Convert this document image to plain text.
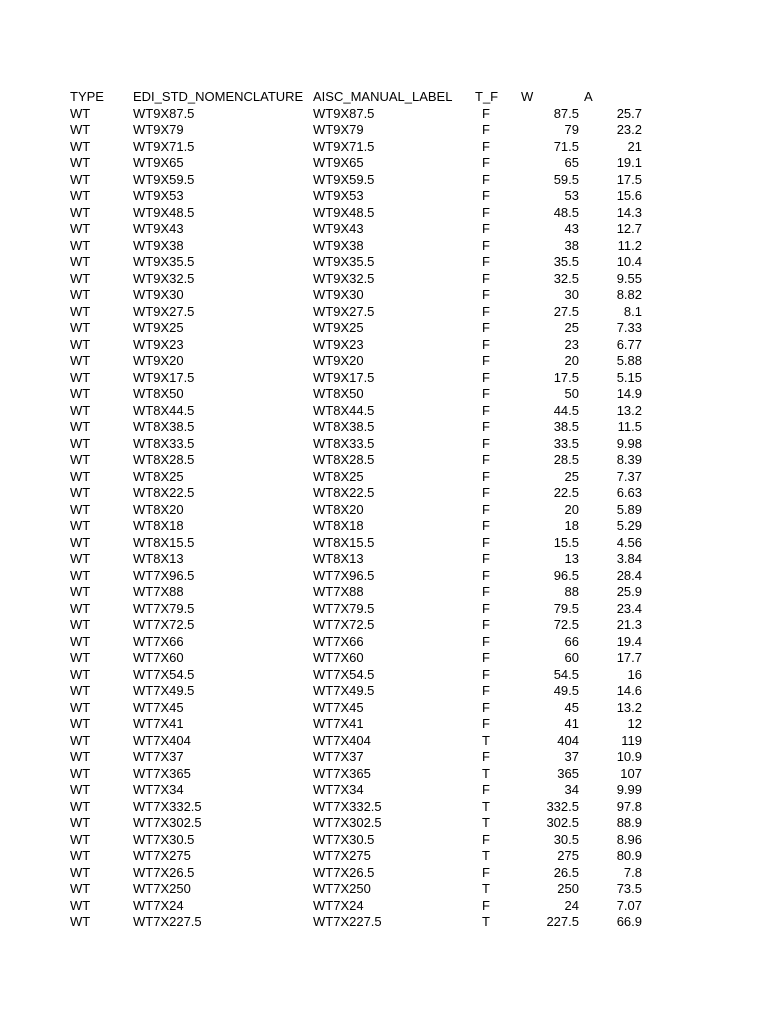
TYPE EDI_STD_NOMENCLATURE AISC_MANUAL_LABEL T_F W	A
WT	WT9X87.5	WT9X87.5	F	87.5	25.7
WT	WT9X79	WT9X79	F	79	23.2
WT	WT9X71.5	WT9X71.5	F	71.5	21
WT	WT9X65	WT9X65	F	65	19.1
WT	WT9X59.5	WT9X59.5	F	59.5	17.5
WT	WT9X53	WT9X53	F	53	15.6
WT	WT9X48.5	WT9X48.5	F	48.5	14.3
WT	WT9X43	WT9X43	F	43	12.7
WT	WT9X38	WT9X38	F	38	11.2
WT	WT9X35.5	WT9X35.5	F	35.5	10.4
WT	WT9X32.5	WT9X32.5	F	32.5	9.55
WT	WT9X30	WT9X30	F	30	8.82
WT	WT9X27.5	WT9X27.5	F	27.5	8.1
WT	WT9X25	WT9X25	F	25	7.33
WT	WT9X23	WT9X23	F	23	6.77
WT	WT9X20	WT9X20	F	20	5.88
WT	WT9X17.5	WT9X17.5	F	17.5	5.15
WT	WT8X50	WT8X50	F	50	14.9
WT	WT8X44.5	WT8X44.5	F	44.5	13.2
WT	WT8X38.5	WT8X38.5	F	38.5	11.5
WT	WT8X33.5	WT8X33.5	F	33.5	9.98
WT	WT8X28.5	WT8X28.5	F	28.5	8.39
WT	WT8X25	WT8X25	F	25	7.37
WT	WT8X22.5	WT8X22.5	F	22.5	6.63
WT	WT8X20	WT8X20	F	20	5.89
WT	WT8X18	WT8X18	F	18	5.29
WT	WT8X15.5	WT8X15.5	F	15.5	4.56
WT	WT8X13	WT8X13	F	13	3.84
WT	WT7X96.5	WT7X96.5	F	96.5	28.4
WT	WT7X88	WT7X88	F	88	25.9
WT	WT7X79.5	WT7X79.5	F	79.5	23.4
WT	WT7X72.5	WT7X72.5	F	72.5	21.3
WT	WT7X66	WT7X66	F	66	19.4
WT	WT7X60	WT7X60	F	60	17.7
WT	WT7X54.5	WT7X54.5	F	54.5	16
WT	WT7X49.5	WT7X49.5	F	49.5	14.6
WT	WT7X45	WT7X45	F	45	13.2
WT	WT7X41	WT7X41	F	41	12
WT	WT7X404	WT7X404	T	404	119
WT	WT7X37	WT7X37	F	37	10.9
WT	WT7X365	WT7X365	T	365	107
WT	WT7X34	WT7X34	F	34	9.99
WT	WT7X332.5	WT7X332.5	T	332.5	97.8
WT	WT7X302.5	WT7X302.5	T	302.5	88.9
WT	WT7X30.5	WT7X30.5	F	30.5	8.96
WT	WT7X275	WT7X275	T	275	80.9
WT	WT7X26.5	WT7X26.5	F	26.5	7.8
WT	WT7X250	WT7X250	T	250	73.5
WT	WT7X24	WT7X24	F	24	7.07
WT	WT7X227.5	WT7X227.5	T	227.5	66.9
